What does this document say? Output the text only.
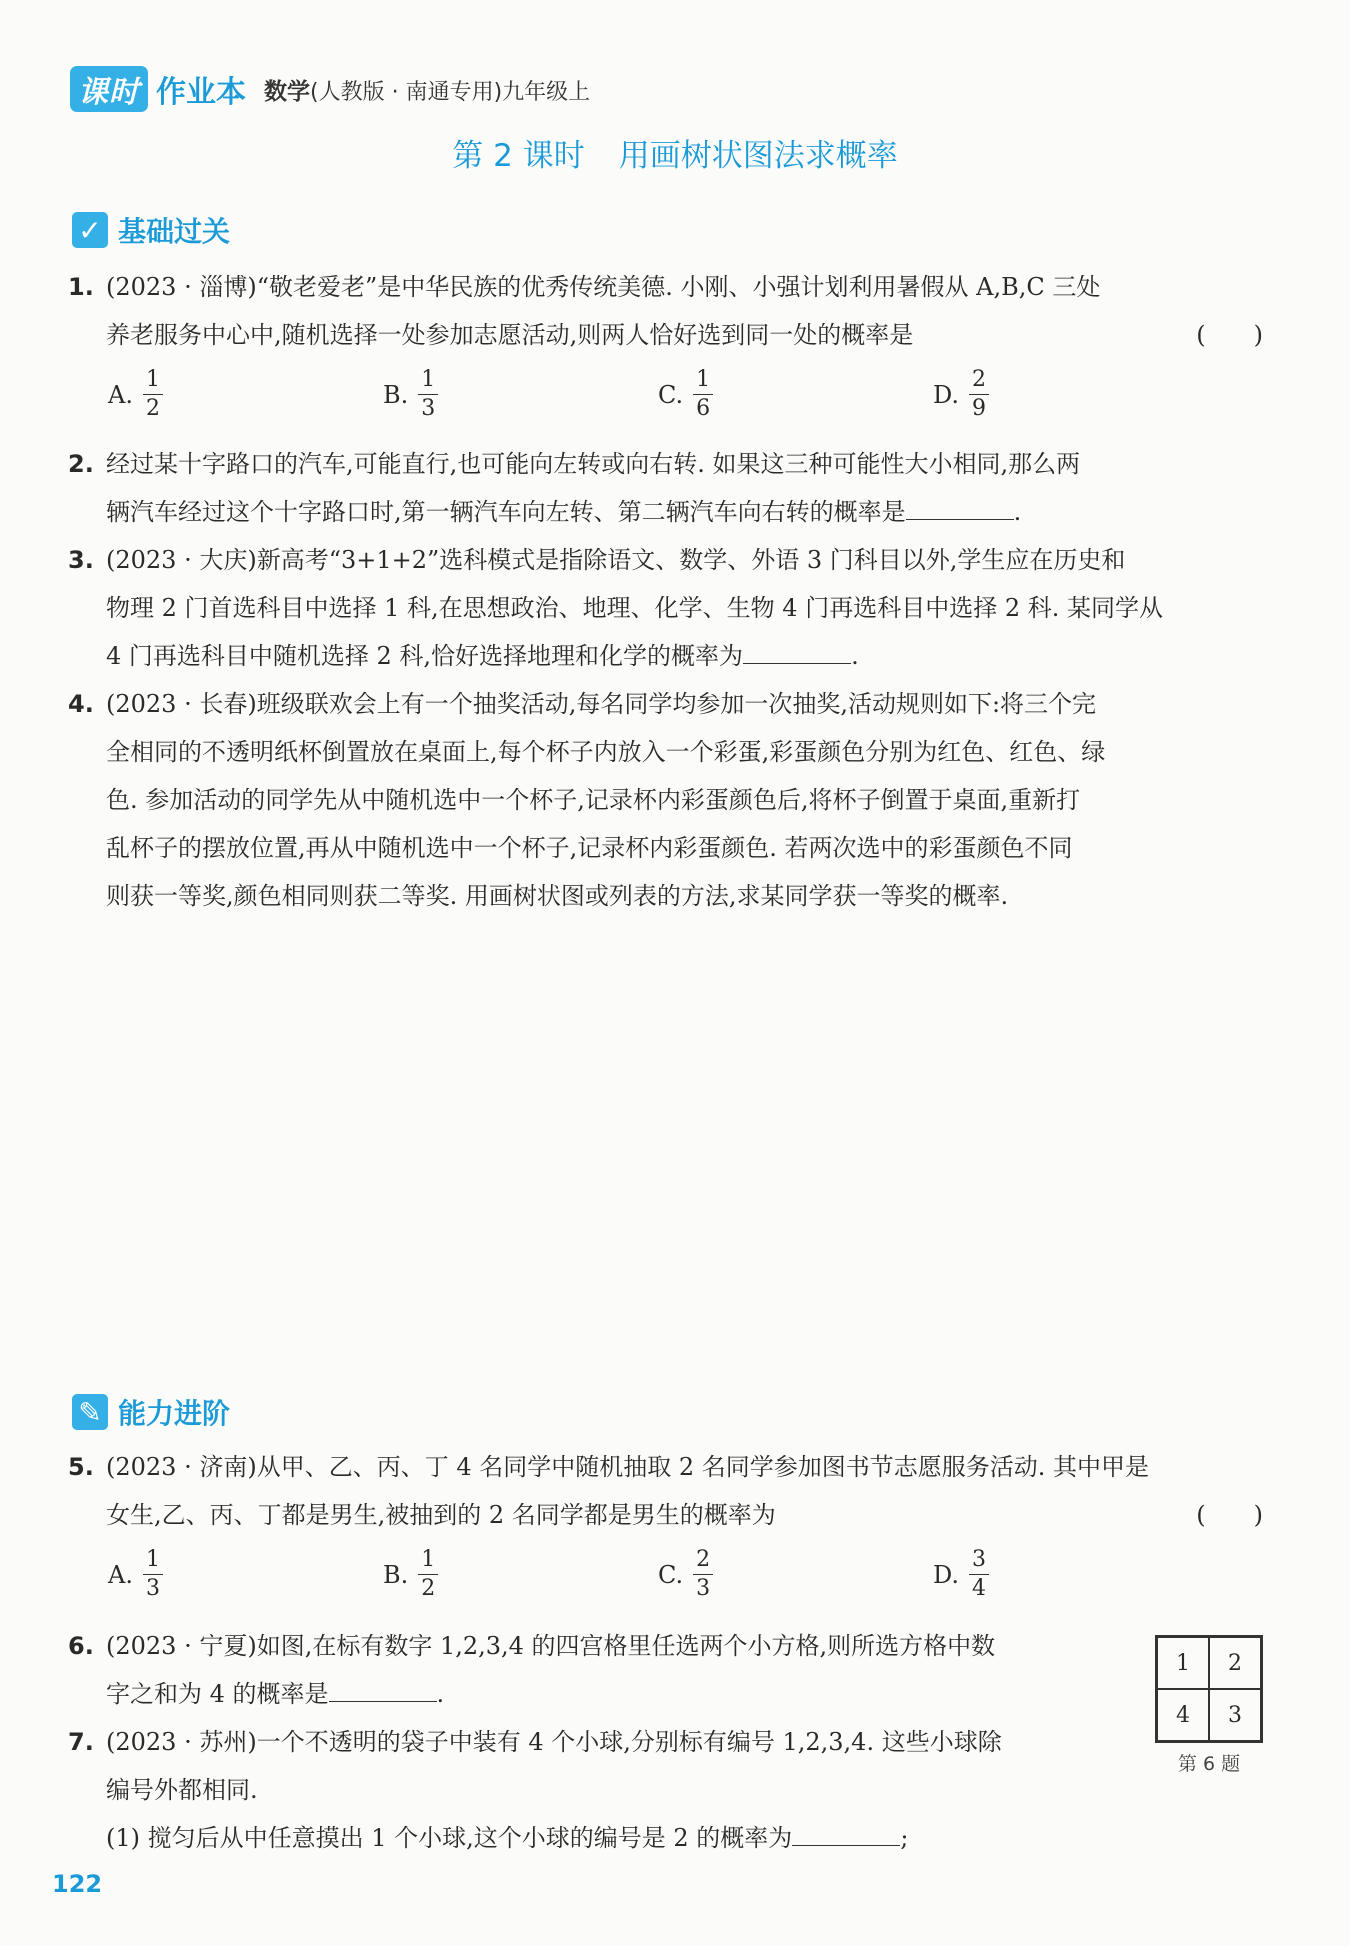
课时 作业本 数学(人教版 · 南通专用)九年级上
第 2 课时 用画树状图法求概率
✓ 基础过关
1. (2023 · 淄博)“敬老爱老”是中华民族的优秀传统美德. 小刚、小强计划利用暑假从 A,B,C 三处
养老服务中心中,随机选择一处参加志愿活动,则两人恰好选到同一处的概率是	(　　)
A. $\frac{1}{2}$	B. $\frac{1}{3}$	C. $\frac{1}{6}$	D. $\frac{2}{9}$
2. 经过某十字路口的汽车,可能直行,也可能向左转或向右转. 如果这三种可能性大小相同,那么两
辆汽车经过这个十字路口时,第一辆汽车向左转、第二辆汽车向右转的概率是	.
3. (2023 · 大庆)新高考“3+1+2”选科模式是指除语文、数学、外语 3 门科目以外,学生应在历史和
物理 2 门首选科目中选择 1 科,在思想政治、地理、化学、生物 4 门再选科目中选择 2 科. 某同学从
4 门再选科目中随机选择 2 科,恰好选择地理和化学的概率为	.
4. (2023 · 长春)班级联欢会上有一个抽奖活动,每名同学均参加一次抽奖,活动规则如下:将三个完
全相同的不透明纸杯倒置放在桌面上,每个杯子内放入一个彩蛋,彩蛋颜色分别为红色、红色、绿
色. 参加活动的同学先从中随机选中一个杯子,记录杯内彩蛋颜色后,将杯子倒置于桌面,重新打
乱杯子的摆放位置,再从中随机选中一个杯子,记录杯内彩蛋颜色. 若两次选中的彩蛋颜色不同
则获一等奖,颜色相同则获二等奖. 用画树状图或列表的方法,求某同学获一等奖的概率.
✎ 能力进阶
5. (2023 · 济南)从甲、乙、丙、丁 4 名同学中随机抽取 2 名同学参加图书节志愿服务活动. 其中甲是
女生,乙、丙、丁都是男生,被抽到的 2 名同学都是男生的概率为	(　　)
A. $\frac{1}{3}$	B. $\frac{1}{2}$	C. $\frac{2}{3}$	D. $\frac{3}{4}$
6. (2023 · 宁夏)如图,在标有数字 1,2,3,4 的四宫格里任选两个小方格,则所选方格中数
字之和为 4 的概率是	.
1	2
4	3
第 6 题
7. (2023 · 苏州)一个不透明的袋子中装有 4 个小球,分别标有编号 1,2,3,4. 这些小球除
编号外都相同.
(1) 搅匀后从中任意摸出 1 个小球,这个小球的编号是 2 的概率为	;
122
